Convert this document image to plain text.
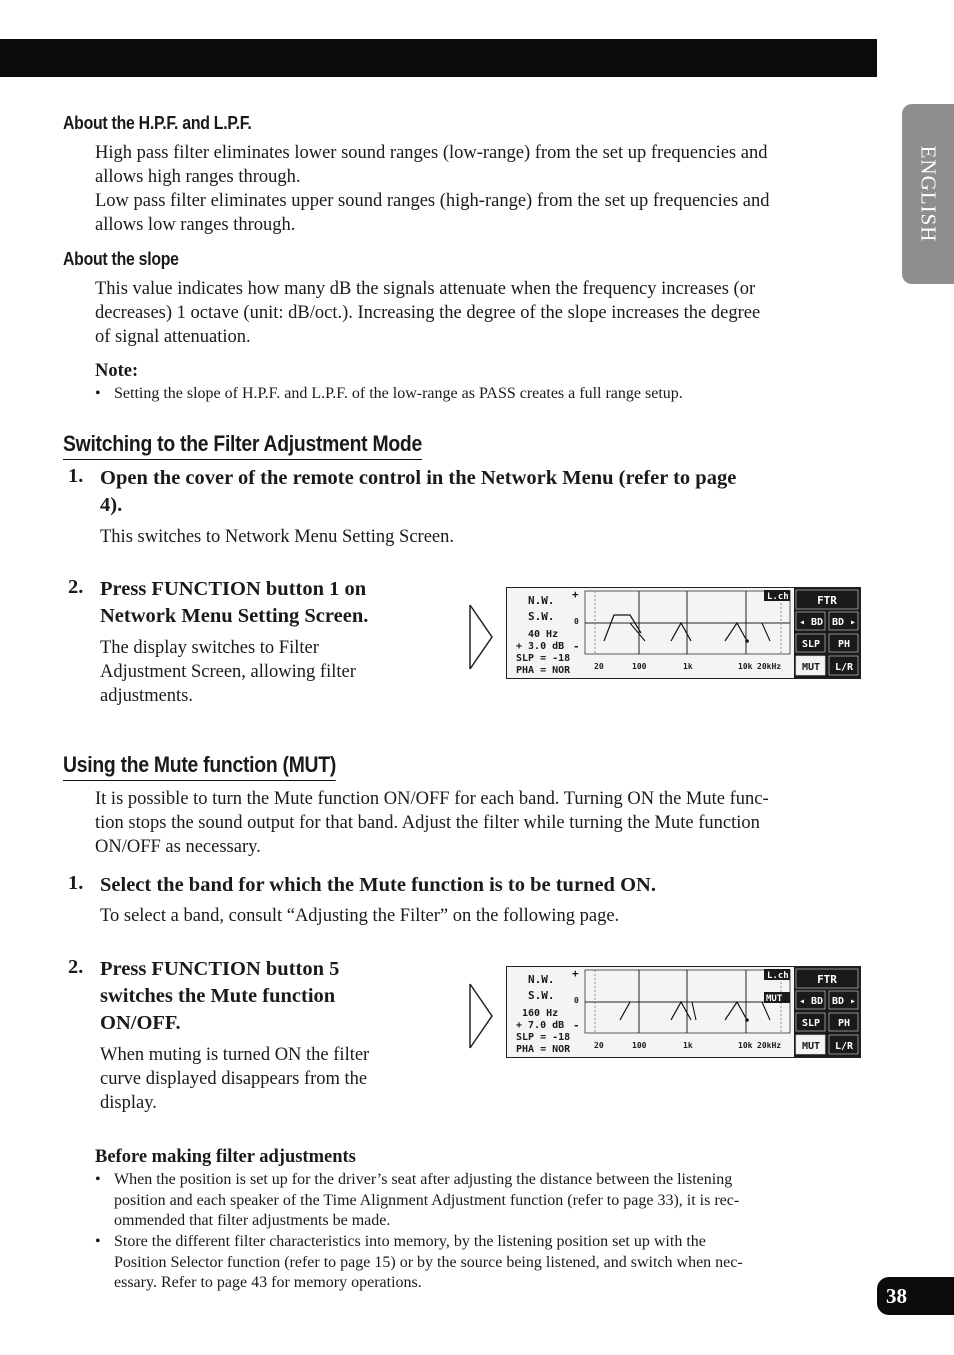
ENGLISH
About the H.P.F. and L.P.F.
High pass filter eliminates lower sound ranges (low-range) from the set up frequencies and
allows high ranges through.
Low pass filter eliminates upper sound ranges (high-range) from the set up frequencies and
allows low ranges through.
About the slope
This value indicates how many dB the signals attenuate when the frequency increases (or
decreases) 1 octave (unit: dB/oct.). Increasing the degree of the slope increases the degree
of signal attenuation.
Note:
• Setting the slope of H.P.F. and L.P.F. of the low-range as PASS creates a full range setup.
Switching to the Filter Adjustment Mode
1. Open the cover of the remote control in the Network Menu (refer to page
4).
This switches to Network Menu Setting Screen.
2. Press FUNCTION button 1 on
Network Menu Setting Screen.
The display switches to Filter
Adjustment Screen, allowing filter
adjustments.
N.W.
S.W.
40 Hz
+ 3.0 dB
SLP = -18
PHA = NOR
+
0
-
L.ch
20	100	1k	10k 20kHz
FTR
◂ BD BD ▸
SLP PH
MUT L/R
Using the Mute function (MUT)
It is possible to turn the Mute function ON/OFF for each band. Turning ON the Mute func-
tion stops the sound output for that band. Adjust the filter while turning the Mute function
ON/OFF as necessary.
1. Select the band for which the Mute function is to be turned ON.
To select a band, consult “Adjusting the Filter” on the following page.
2. Press FUNCTION button 5
switches the Mute function
ON/OFF.
When muting is turned ON the filter
curve displayed disappears from the
display.
N.W.
S.W.
160 Hz
+ 7.0 dB
SLP = -18
PHA = NOR
+
0
-
L.ch
MUT
20	100	1k	10k 20kHz
FTR
◂ BD BD ▸
SLP PH
MUT L/R
Before making filter adjustments
• When the position is set up for the driver’s seat after adjusting the distance between the listening
position and each speaker of the Time Alignment Adjustment function (refer to page 33), it is rec-
ommended that filter adjustments be made.
• Store the different filter characteristics into memory, by the listening position set up with the
Position Selector function (refer to page 15) or by the source being listened, and switch when nec-
essary. Refer to page 43 for memory operations.
38
